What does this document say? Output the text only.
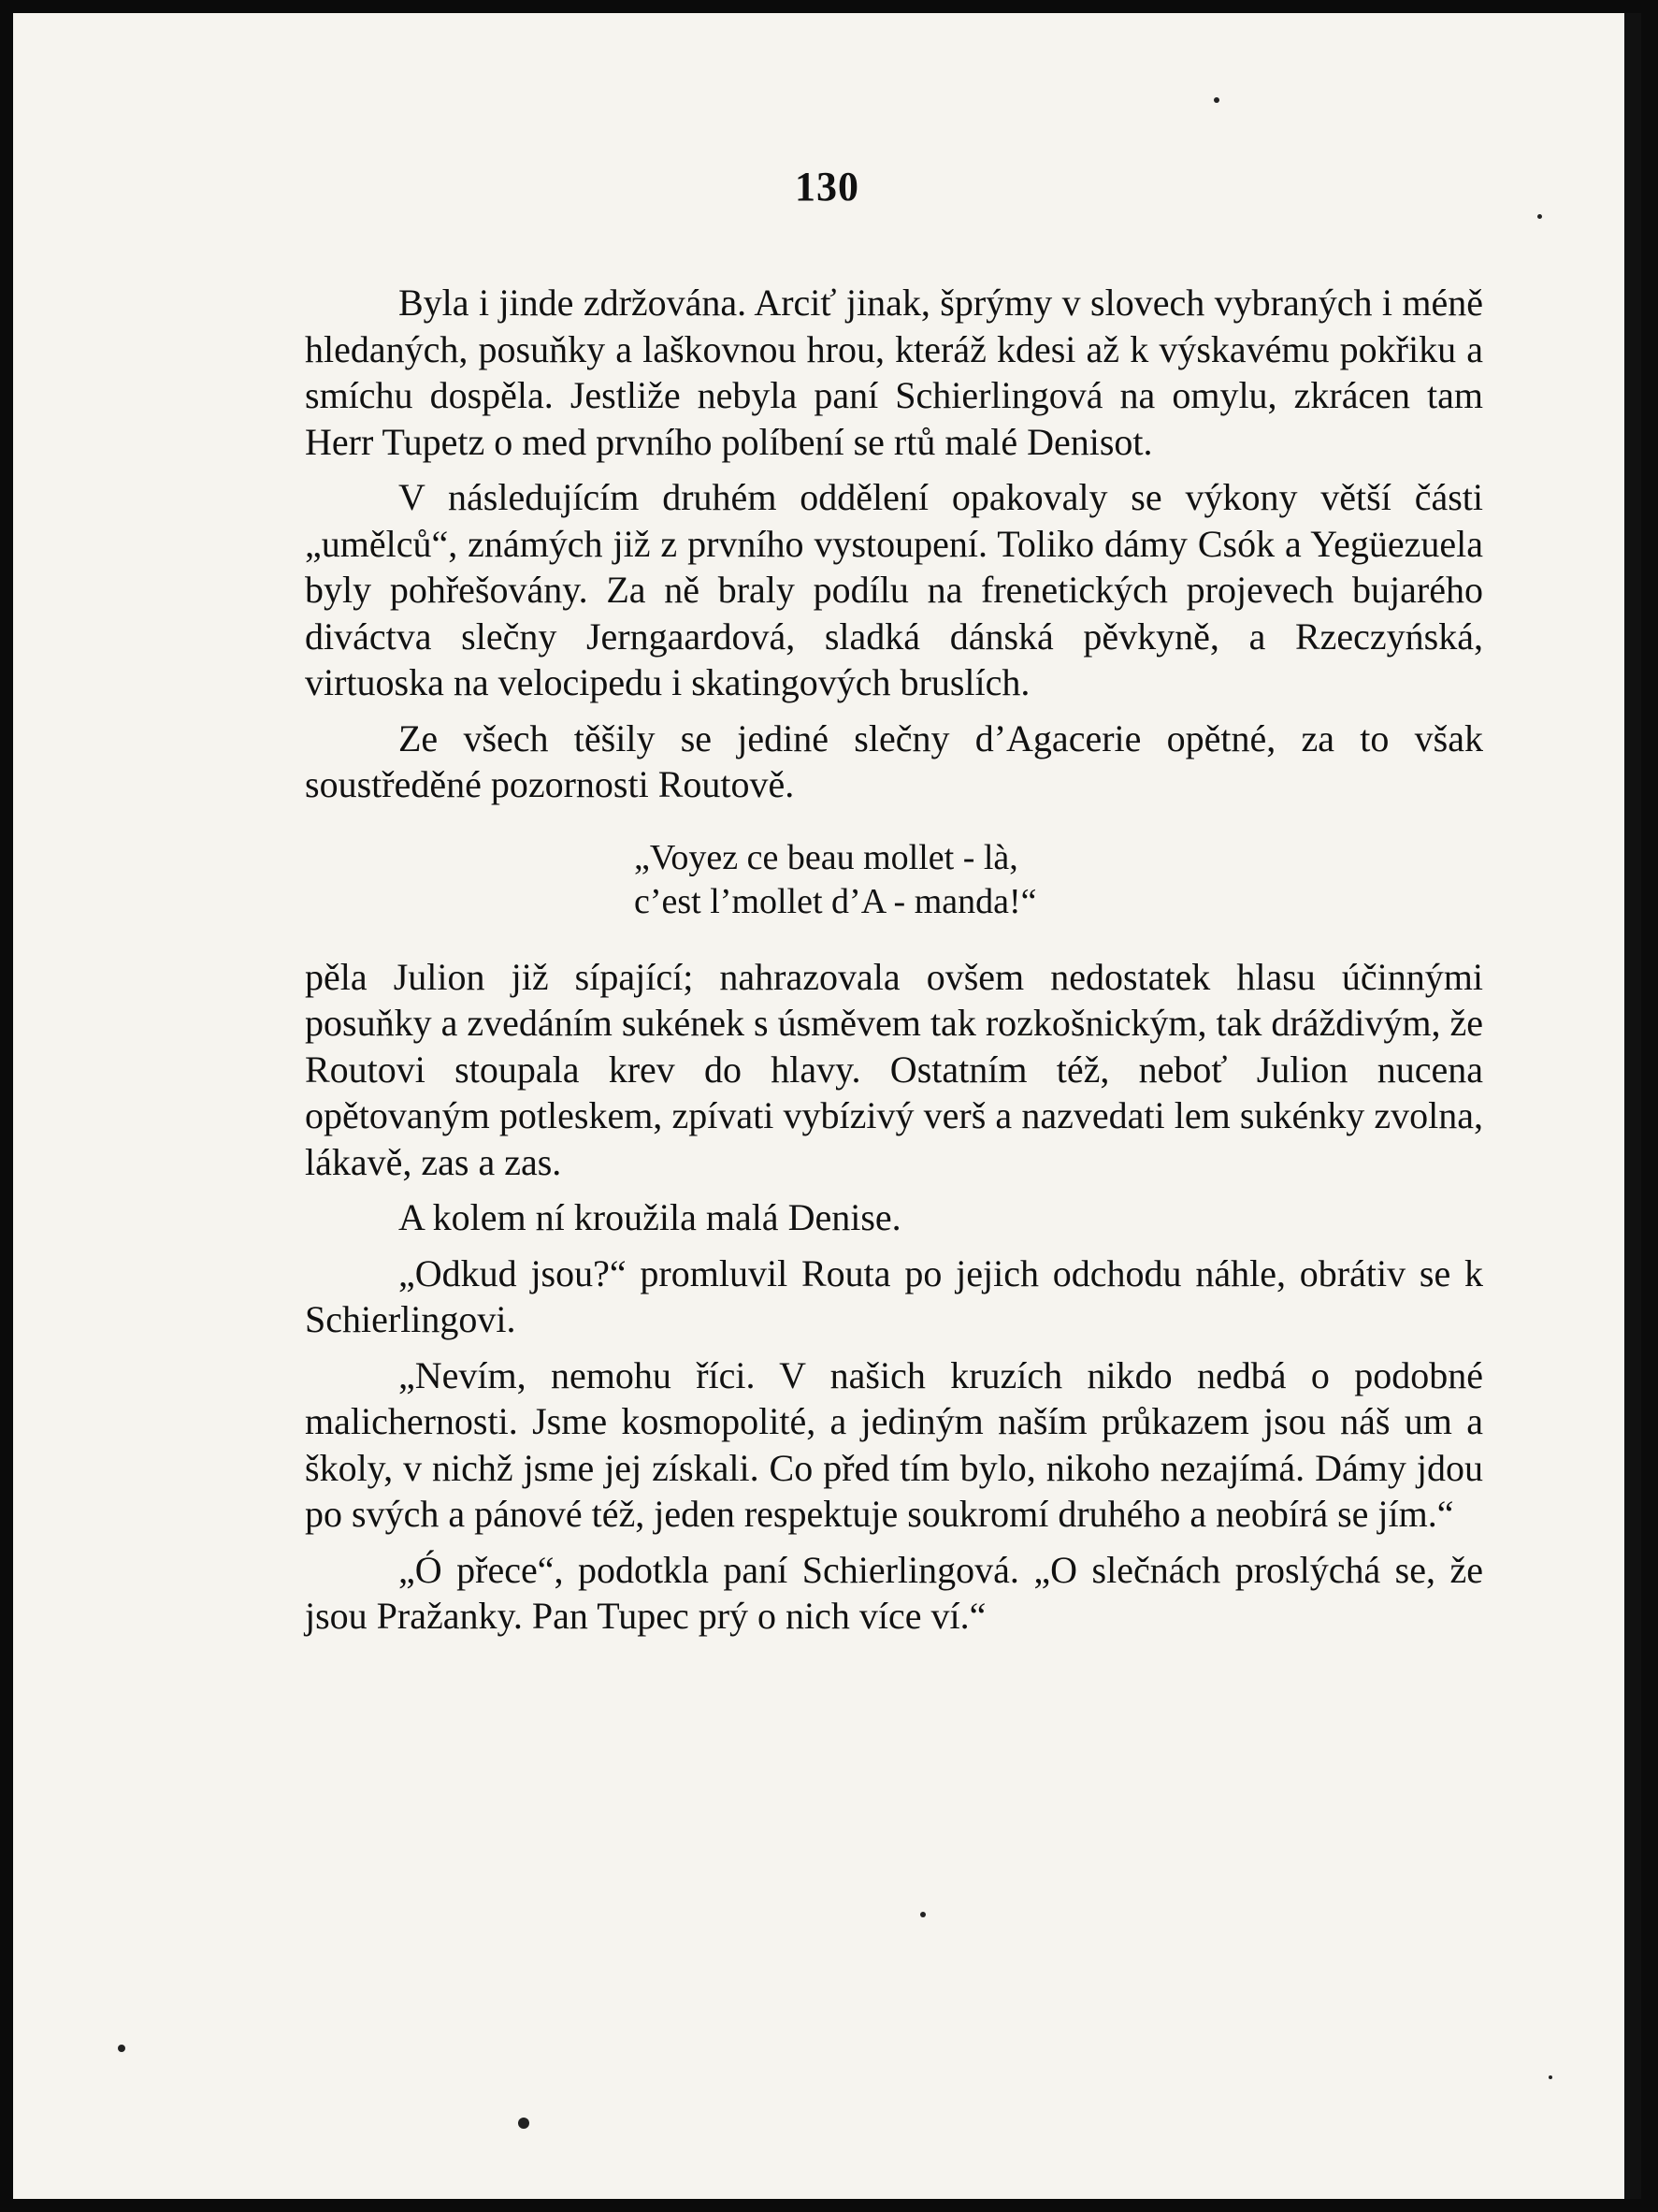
130

Byla i jinde zdržována. Arciť jinak, šprýmy v slovech vybraných i méně hledaných, posuňky a laškovnou hrou, kteráž kdesi až k výskavému pokřiku a smíchu dospěla. Jestliže nebyla paní Schierlingová na omylu, zkrácen tam Herr Tupetz o med prvního políbení se rtů malé Denisot.

V následujícím druhém oddělení opakovaly se výkony větší části „umělců“, známých již z prvního vystoupení. Toliko dámy Csók a Yegüezuela byly pohřešovány. Za ně braly podílu na frenetických projevech bujarého diváctva slečny Jerngaardová, sladká dánská pěvkyně, a Rzeczyńská, virtuoska na velocipedu i skatingových bruslích.

Ze všech těšily se jediné slečny d’Agacerie opětné, za to však soustředěné pozornosti Routově.

„Voyez ce beau mollet - là,
c’est l’mollet d’A - manda!“

pěla Julion již sípající; nahrazovala ovšem nedostatek hlasu účinnými posuňky a zvedáním sukének s úsměvem tak rozkošnickým, tak dráždivým, že Routovi stoupala krev do hlavy. Ostatním též, neboť Julion nucena opětovaným potleskem, zpívati vybízivý verš a nazvedati lem sukénky zvolna, lákavě, zas a zas.

A kolem ní kroužila malá Denise.

„Odkud jsou?“ promluvil Routa po jejich odchodu náhle, obrátiv se k Schierlingovi.

„Nevím, nemohu říci. V našich kruzích nikdo nedbá o podobné malichernosti. Jsme kosmopolité, a jediným naším průkazem jsou náš um a školy, v nichž jsme jej získali. Co před tím bylo, nikoho nezajímá. Dámy jdou po svých a pánové též, jeden respektuje soukromí druhého a neobírá se jím.“

„Ó přece“, podotkla paní Schierlingová. „O slečnách proslýchá se, že jsou Pražanky. Pan Tupec prý o nich více ví.“
